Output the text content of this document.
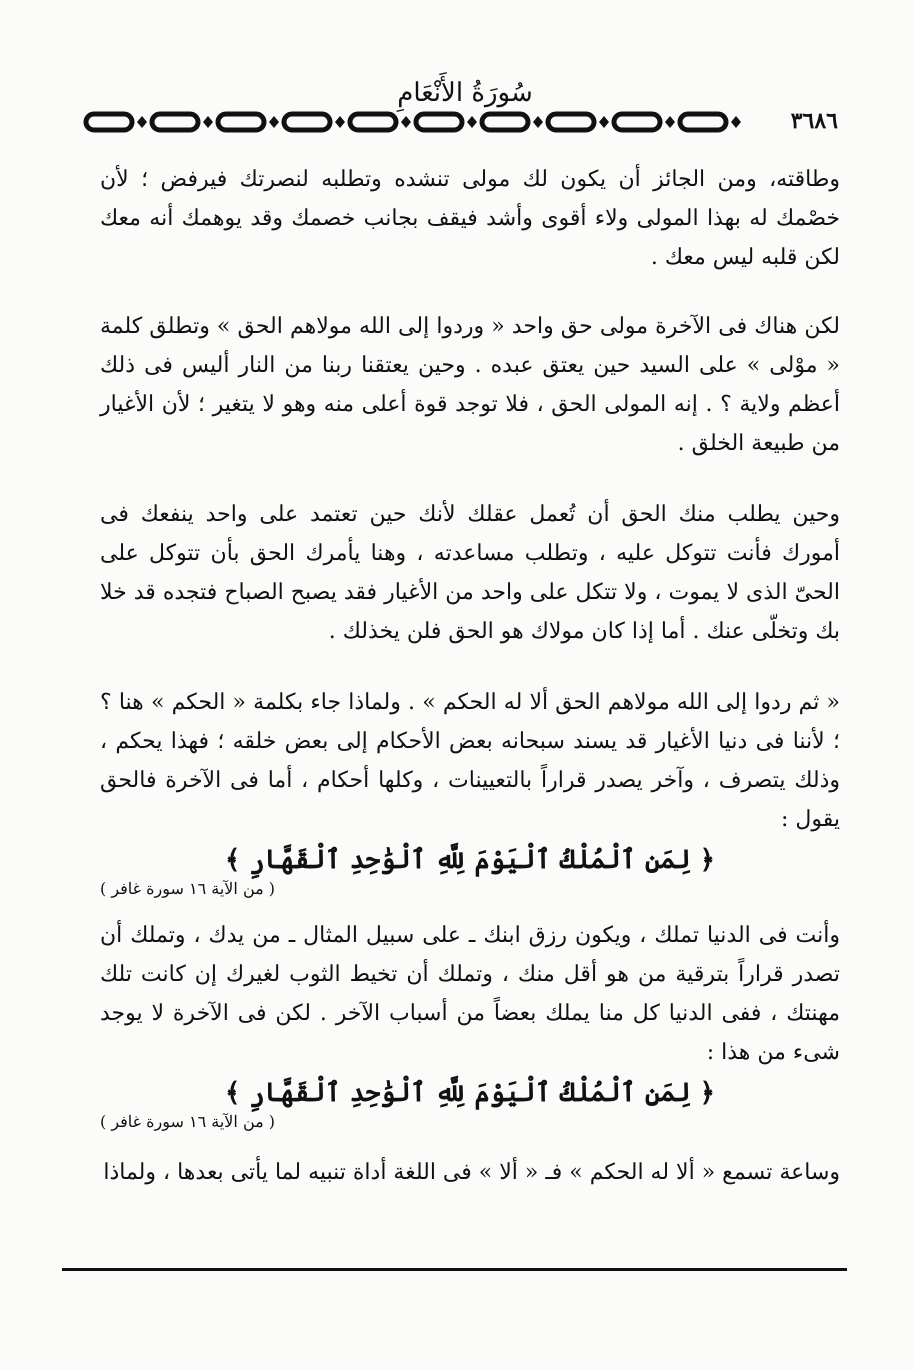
سُورَةُ الأَنْعَامِ
٣٦٨٦

وطاقته، ومن الجائز أن يكون لك مولى تنشده وتطلبه لنصرتك فيرفض ؛ لأن خصْمك له بهذا المولى ولاء أقوى وأشد فيقف بجانب خصمك وقد يوهمك أنه معك لكن قلبه ليس معك .

لكن هناك فى الآخرة مولى حق واحد « وردوا إلى الله مولاهم الحق » وتطلق كلمة « موْلى » على السيد حين يعتق عبده . وحين يعتقنا ربنا من النار أليس فى ذلك أعظم ولاية ؟ . إنه المولى الحق ، فلا توجد قوة أعلى منه وهو لا يتغير ؛ لأن الأغيار من طبيعة الخلق .

وحين يطلب منك الحق أن تُعمل عقلك لأنك حين تعتمد على واحد ينفعك فى أمورك فأنت تتوكل عليه ، وتطلب مساعدته ، وهنا يأمرك الحق بأن تتوكل على الحىّ الذى لا يموت ، ولا تتكل على واحد من الأغيار فقد يصبح الصباح فتجده قد خلا بك وتخلّى عنك . أما إذا كان مولاك هو الحق فلن يخذلك .

« ثم ردوا إلى الله مولاهم الحق ألا له الحكم » . ولماذا جاء بكلمة « الحكم » هنا ؟ ؛ لأننا فى دنيا الأغيار قد يسند سبحانه بعض الأحكام إلى بعض خلقه ؛ فهذا يحكم ، وذلك يتصرف ، وآخر يصدر قراراً بالتعيينات ، وكلها أحكام ، أما فى الآخرة فالحق يقول :

﴿ لِمَنِ ٱلْمُلْكُ ٱلْيَوْمَ لِلَّهِ ٱلْوَٰحِدِ ٱلْقَهَّارِ ﴾
( من الآية ١٦ سورة غافر )

وأنت فى الدنيا تملك ، ويكون رزق ابنك ـ على سبيل المثال ـ من يدك ، وتملك أن تصدر قراراً بترقية من هو أقل منك ، وتملك أن تخيط الثوب لغيرك إن كانت تلك مهنتك ، ففى الدنيا كل منا يملك بعضاً من أسباب الآخر . لكن فى الآخرة لا يوجد شىء من هذا :

﴿ لِمَنِ ٱلْمُلْكُ ٱلْيَوْمَ لِلَّهِ ٱلْوَٰحِدِ ٱلْقَهَّارِ ﴾
( من الآية ١٦ سورة غافر )

وساعة تسمع « ألا له الحكم » فـ « ألا » فى اللغة أداة تنبيه لما يأتى بعدها ، ولماذا
